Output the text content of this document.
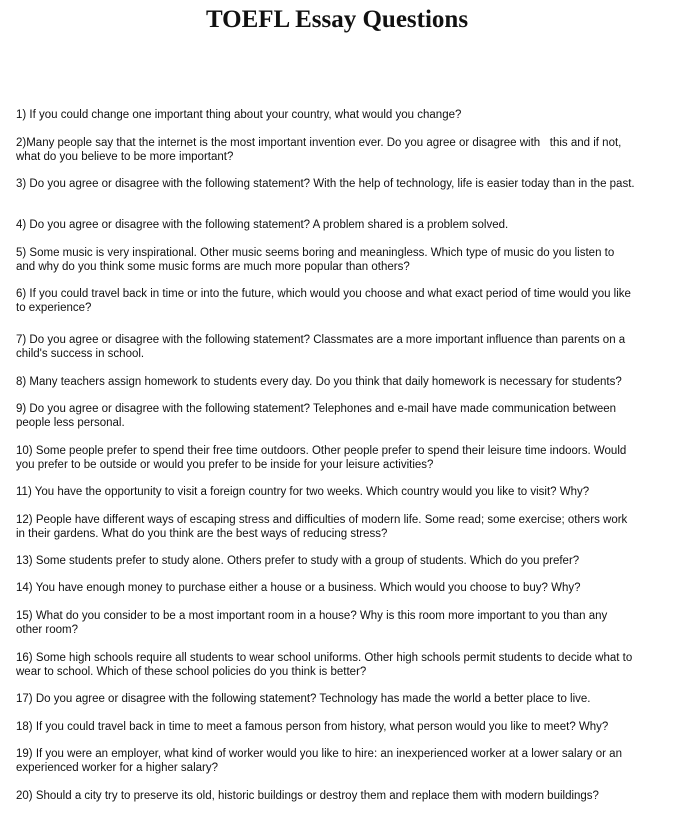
TOEFL Essay Questions

1) If you could change one important thing about your country, what would you change?

2)Many people say that the internet is the most important invention ever. Do you agree or disagree with   this and if not,
what do you believe to be more important?

3) Do you agree or disagree with the following statement? With the help of technology, life is easier today than in the past.

4) Do you agree or disagree with the following statement? A problem shared is a problem solved.

5) Some music is very inspirational. Other music seems boring and meaningless. Which type of music do you listen to
and why do you think some music forms are much more popular than others?

6) If you could travel back in time or into the future, which would you choose and what exact period of time would you like
to experience?

7) Do you agree or disagree with the following statement? Classmates are a more important influence than parents on a
child's success in school.

8) Many teachers assign homework to students every day. Do you think that daily homework is necessary for students?

9) Do you agree or disagree with the following statement? Telephones and e-mail have made communication between
people less personal.

10) Some people prefer to spend their free time outdoors. Other people prefer to spend their leisure time indoors. Would
you prefer to be outside or would you prefer to be inside for your leisure activities?

11) You have the opportunity to visit a foreign country for two weeks. Which country would you like to visit? Why?

12) People have different ways of escaping stress and difficulties of modern life. Some read; some exercise; others work
in their gardens. What do you think are the best ways of reducing stress?

13) Some students prefer to study alone. Others prefer to study with a group of students. Which do you prefer?

14) You have enough money to purchase either a house or a business. Which would you choose to buy? Why?

15) What do you consider to be a most important room in a house? Why is this room more important to you than any
other room?

16) Some high schools require all students to wear school uniforms. Other high schools permit students to decide what to
wear to school. Which of these school policies do you think is better?

17) Do you agree or disagree with the following statement? Technology has made the world a better place to live.

18) If you could travel back in time to meet a famous person from history, what person would you like to meet? Why?

19) If you were an employer, what kind of worker would you like to hire: an inexperienced worker at a lower salary or an
experienced worker for a higher salary?

20) Should a city try to preserve its old, historic buildings or destroy them and replace them with modern buildings?
